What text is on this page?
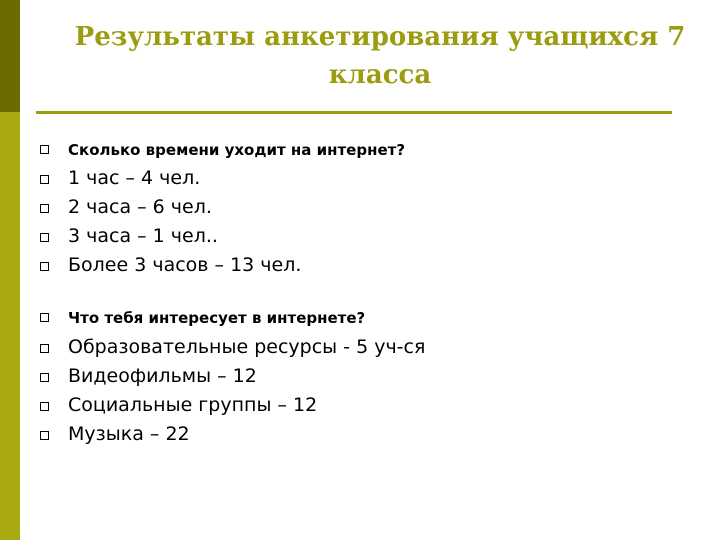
Результаты анкетирования учащихся 7 класса
Сколько времени уходит на интернет?
1 час – 4 чел.
2 часа – 6 чел.
3 часа – 1 чел..
Более 3 часов – 13 чел.
Что тебя интересует в интернете?
Образовательные ресурсы - 5 уч-ся
Видеофильмы – 12
Социальные группы – 12
Музыка – 22
